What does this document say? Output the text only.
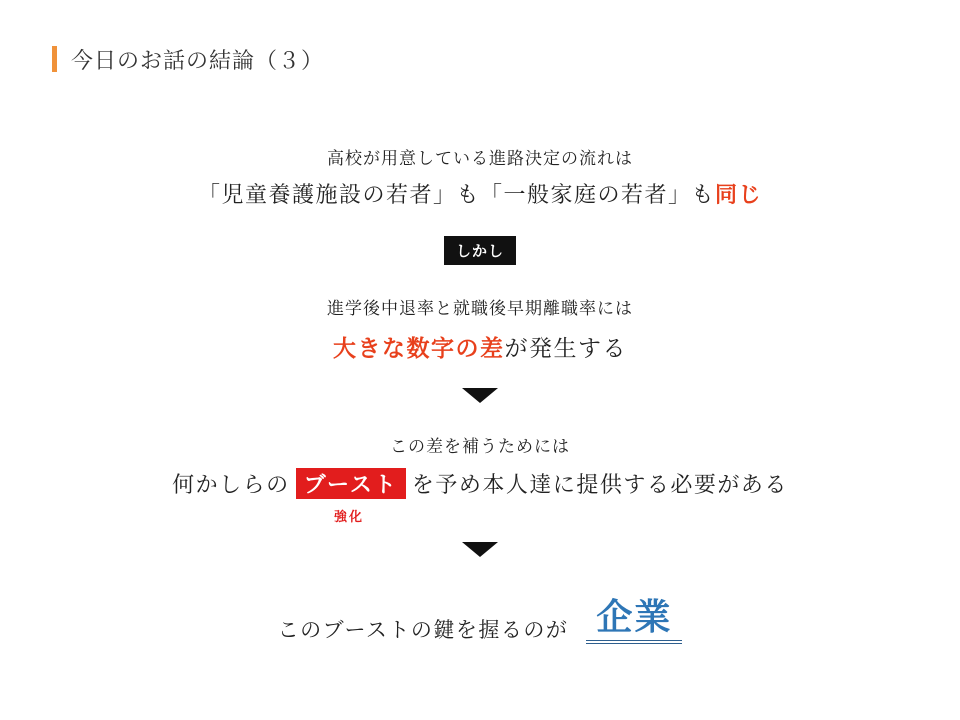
今日のお話の結論（３）
高校が用意している進路決定の流れは
「児童養護施設の若者」も「一般家庭の若者」も同じ
しかし
進学後中退率と就職後早期離職率には
大きな数字の差が発生する
この差を補うためには
何かしらの ブースト を予め本人達に提供する必要がある
強化
このブーストの鍵を握るのが 企業
